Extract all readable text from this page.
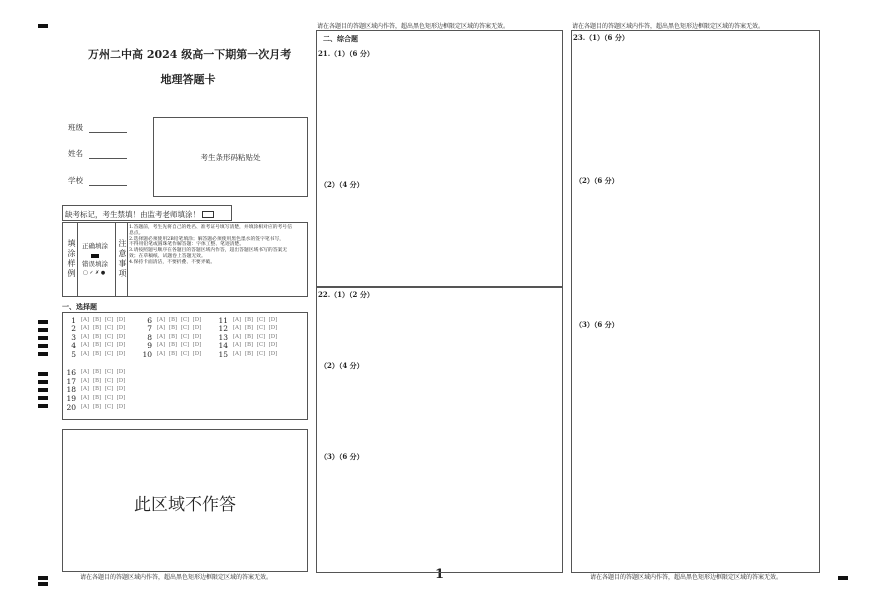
万州二中高 2024 级高一下期第一次月考
地理答题卡
班级
姓名
学校
考生条形码粘贴处
缺考标记，考生禁填！由监考老师填涂！
填涂样例 正确填涂
错误填涂
▢ ✓ ✗ ● 注意事项
1.答题前，考生先将自己的姓名、准考证号填写清楚，并填涂相对应的考号信
息点。
2.选择题必须使用2B铅笔填涂；解答题必须使用黑色墨水的签字笔书写，
不得用铅笔或圆珠笔作解答题：字体工整、笔迹清楚。
3.请按照题号顺序在各题目的答题区域内作答，超出答题区域书写的答案无
效；在草稿纸、试题卷上答题无效。
4.保持卡面清洁，不要折叠、不要弄破。
一、选择题
1 [A] [B] [C] [D]
2 [A] [B] [C] [D]
3 [A] [B] [C] [D]
4 [A] [B] [C] [D]
5 [A] [B] [C] [D]
6 [A] [B] [C] [D]
7 [A] [B] [C] [D]
8 [A] [B] [C] [D]
9 [A] [B] [C] [D]
10 [A] [B] [C] [D]
11 [A] [B] [C] [D]
12 [A] [B] [C] [D]
13 [A] [B] [C] [D]
14 [A] [B] [C] [D]
15 [A] [B] [C] [D]
16 [A] [B] [C] [D]
17 [A] [B] [C] [D]
18 [A] [B] [C] [D]
19 [A] [B] [C] [D]
20 [A] [B] [C] [D]
此区域不作答
请在各题目的答题区域内作答，超出黑色矩形边框限定区域的答案无效。	1	请在各题目的答题区域内作答，超出黑色矩形边框限定区域的答案无效。
请在各题目的答题区域内作答，超出黑色矩形边框限定区域的答案无效。
二、综合题
21.（1）（6 分）
（2）（4 分）
22.（1）（2 分）
（2）（4 分）
（3）（6 分）
请在各题目的答题区域内作答，超出黑色矩形边框限定区域的答案无效。
23.（1）（6 分）
（2）（6 分）
（3）（6 分）
